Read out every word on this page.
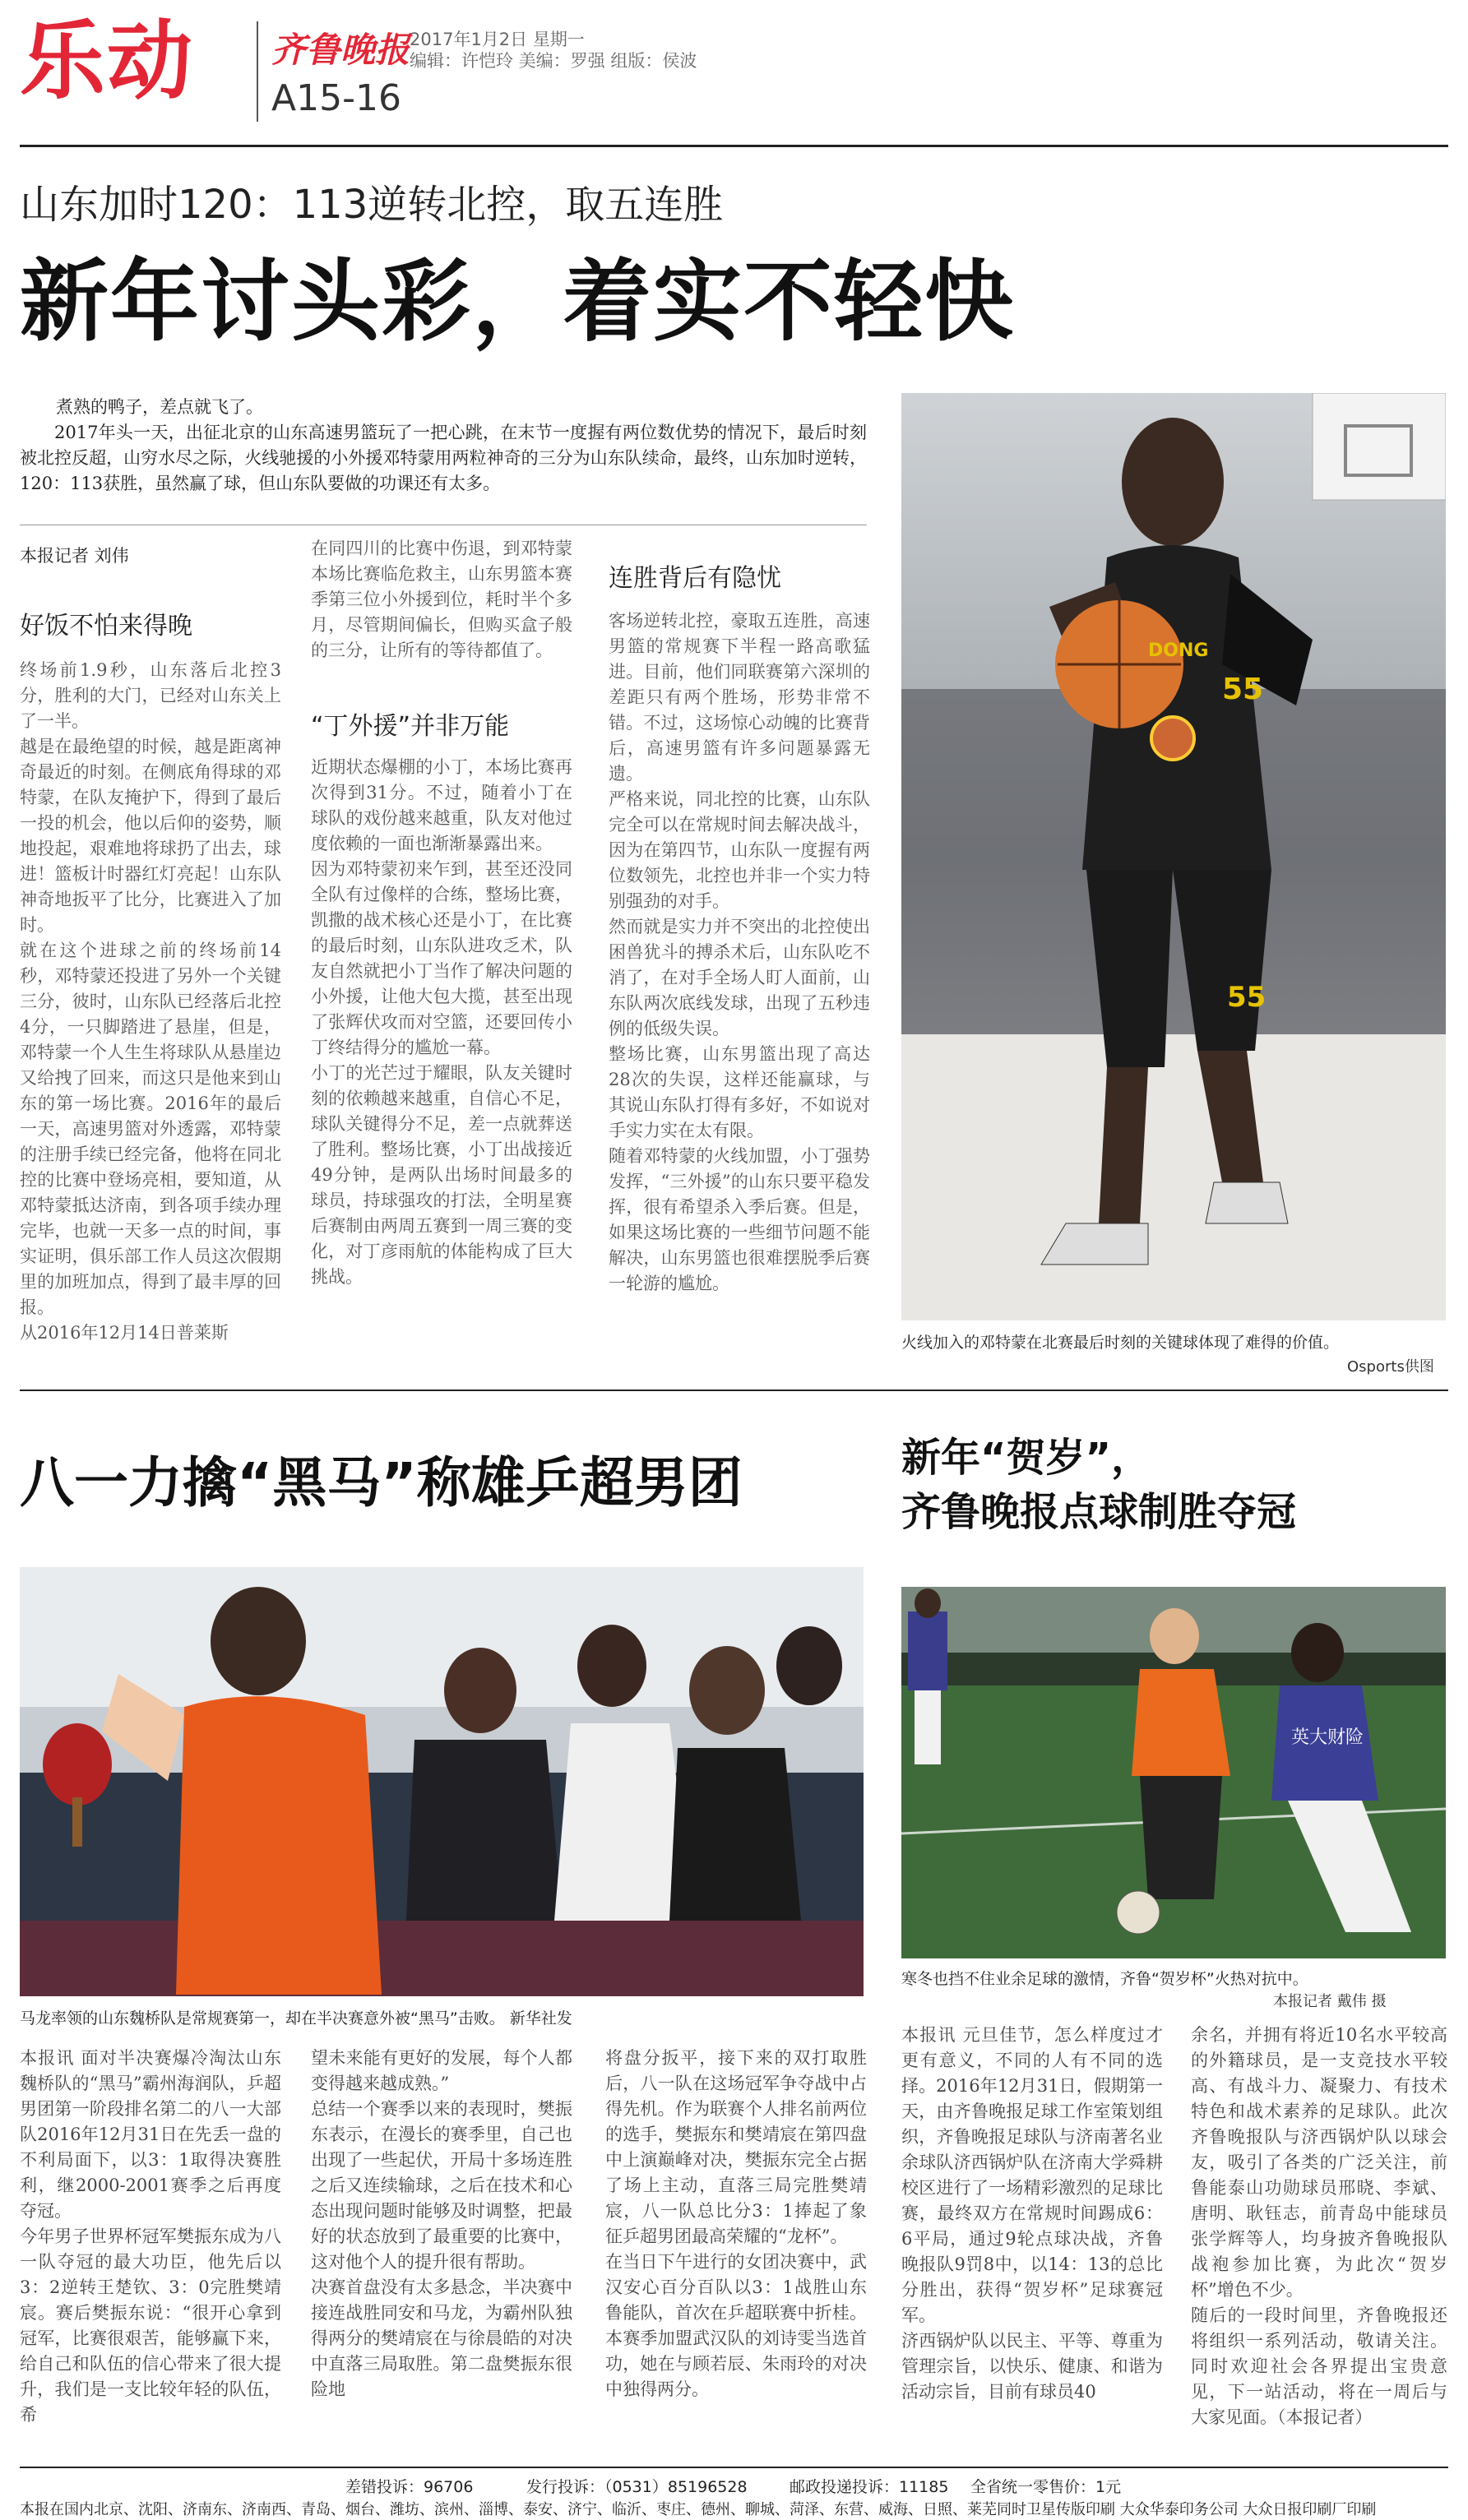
乐动 齐鲁晚报
A15-16
2017年1月2日 星期一
编辑：许恺玲 美编：罗强 组版：侯波
山东加时120：113逆转北控，取五连胜
新年讨头彩，着实不轻快
煮熟的鸭子，差点就飞了。
2017年头一天，出征北京的山东高速男篮玩了一把心跳，在末节一度握有两位数优势的情况下，最后时刻被北控反超，山穷水尽之际，火线驰援的小外援邓特蒙用两粒神奇的三分为山东队续命，最终，山东加时逆转，120：113获胜，虽然赢了球，但山东队要做的功课还有太多。
本报记者 刘伟
好饭不怕来得晚
终场前1.9秒，山东落后北控3分，胜利的大门，已经对山东关上了一半。
越是在最绝望的时候，越是距离神奇最近的时刻。在侧底角得球的邓特蒙，在队友掩护下，得到了最后一投的机会，他以后仰的姿势，顺地投起，艰难地将球扔了出去，球进！篮板计时器红灯亮起！山东队神奇地扳平了比分，比赛进入了加时。
就在这个进球之前的终场前14秒，邓特蒙还投进了另外一个关键三分，彼时，山东队已经落后北控4分，一只脚踏进了悬崖，但是，邓特蒙一个人生生将球队从悬崖边又给拽了回来，而这只是他来到山东的第一场比赛。2016年的最后一天，高速男篮对外透露，邓特蒙的注册手续已经完备，他将在同北控的比赛中登场亮相，要知道，从邓特蒙抵达济南，到各项手续办理完毕，也就一天多一点的时间，事实证明，俱乐部工作人员这次假期里的加班加点，得到了最丰厚的回报。
从2016年12月14日普莱斯
在同四川的比赛中伤退，到邓特蒙本场比赛临危救主，山东男篮本赛季第三位小外援到位，耗时半个多月，尽管期间偏长，但购买盒子般的三分，让所有的等待都值了。
“丁外援”并非万能
近期状态爆棚的小丁，本场比赛再次得到31分。不过，随着小丁在球队的戏份越来越重，队友对他过度依赖的一面也渐渐暴露出来。
因为邓特蒙初来乍到，甚至还没同全队有过像样的合练，整场比赛，凯撒的战术核心还是小丁，在比赛的最后时刻，山东队进攻乏术，队友自然就把小丁当作了解决问题的小外援，让他大包大揽，甚至出现了张辉伏攻而对空篮，还要回传小丁终结得分的尴尬一幕。
小丁的光芒过于耀眼，队友关键时刻的依赖越来越重，自信心不足，球队关键得分不足，差一点就葬送了胜利。整场比赛，小丁出战接近49分钟，是两队出场时间最多的球员，持球强攻的打法，全明星赛后赛制由两周五赛到一周三赛的变化，对丁彦雨航的体能构成了巨大挑战。
连胜背后有隐忧
客场逆转北控，豪取五连胜，高速男篮的常规赛下半程一路高歌猛进。目前，他们同联赛第六深圳的差距只有两个胜场，形势非常不错。不过，这场惊心动魄的比赛背后，高速男篮有许多问题暴露无遗。
严格来说，同北控的比赛，山东队完全可以在常规时间去解决战斗，因为在第四节，山东队一度握有两位数领先，北控也并非一个实力特别强劲的对手。
然而就是实力并不突出的北控使出困兽犹斗的搏杀术后，山东队吃不消了，在对手全场人盯人面前，山东队两次底线发球，出现了五秒违例的低级失误。
整场比赛，山东男篮出现了高达28次的失误，这样还能赢球，与其说山东队打得有多好，不如说对手实力实在太有限。
随着邓特蒙的火线加盟，小丁强势发挥，“三外援”的山东只要平稳发挥，很有希望杀入季后赛。但是，如果这场比赛的一些细节问题不能解决，山东男篮也很难摆脱季后赛一轮游的尴尬。
55
55
DONG
火线加入的邓特蒙在北赛最后时刻的关键球体现了难得的价值。
Osports供图
八一力擒“黑马”称雄乒超男团
马龙率领的山东魏桥队是常规赛第一，却在半决赛意外被“黑马”击败。 新华社发
本报讯 面对半决赛爆冷淘汰山东魏桥队的“黑马”霸州海润队，乒超男团第一阶段排名第二的八一大部队2016年12月31日在先丢一盘的不利局面下，以3：1取得决赛胜利，继2000-2001赛季之后再度夺冠。
今年男子世界杯冠军樊振东成为八一队夺冠的最大功臣，他先后以3：2逆转王楚钦、3：0完胜樊靖宸。赛后樊振东说：“很开心拿到冠军，比赛很艰苦，能够赢下来，给自己和队伍的信心带来了很大提升，我们是一支比较年轻的队伍，希
望未来能有更好的发展，每个人都变得越来越成熟。”
总结一个赛季以来的表现时，樊振东表示，在漫长的赛季里，自己也出现了一些起伏，开局十多场连胜之后又连续输球，之后在技术和心态出现问题时能够及时调整，把最好的状态放到了最重要的比赛中，这对他个人的提升很有帮助。
决赛首盘没有太多悬念，半决赛中接连战胜同安和马龙，为霸州队独得两分的樊靖宸在与徐晨皓的对决中直落三局取胜。第二盘樊振东很险地
将盘分扳平，接下来的双打取胜后，八一队在这场冠军争夺战中占得先机。作为联赛个人排名前两位的选手，樊振东和樊靖宸在第四盘中上演巅峰对决，樊振东完全占据了场上主动，直落三局完胜樊靖宸，八一队总比分3：1捧起了象征乒超男团最高荣耀的“龙杯”。
在当日下午进行的女团决赛中，武汉安心百分百队以3：1战胜山东鲁能队，首次在乒超联赛中折桂。本赛季加盟武汉队的刘诗雯当选首功，她在与顾若辰、朱雨玲的对决中独得两分。
新年“贺岁”，
齐鲁晚报点球制胜夺冠
英大财险
寒冬也挡不住业余足球的激情，齐鲁“贺岁杯”火热对抗中。
本报记者 戴伟 摄
本报讯 元旦佳节，怎么样度过才更有意义，不同的人有不同的选择。2016年12月31日，假期第一天，由齐鲁晚报足球工作室策划组织，齐鲁晚报足球队与济南著名业余球队济西锅炉队在济南大学舜耕校区进行了一场精彩激烈的足球比赛，最终双方在常规时间踢成6：6平局，通过9轮点球决战，齐鲁晚报队9罚8中，以14：13的总比分胜出，获得“贺岁杯”足球赛冠军。
济西锅炉队以民主、平等、尊重为管理宗旨，以快乐、健康、和谐为活动宗旨，目前有球员40
余名，并拥有将近10名水平较高的外籍球员，是一支竞技水平较高、有战斗力、凝聚力、有技术特色和战术素养的足球队。此次齐鲁晚报队与济西锅炉队以球会友，吸引了各类的广泛关注，前鲁能泰山功勋球员邢晓、李斌、唐明、耿钰志，前青岛中能球员张学辉等人，均身披齐鲁晚报队战袍参加比赛，为此次“贺岁杯”增色不少。
随后的一段时间里，齐鲁晚报还将组织一系列活动，敬请关注。同时欢迎社会各界提出宝贵意见，下一站活动，将在一周后与大家见面。（本报记者）
差错投诉：96706	发行投诉：（0531）85196528	邮政投递投诉：11185 全省统一零售价：1元
本报在国内北京、沈阳、济南东、济南西、青岛、烟台、潍坊、滨州、淄博、泰安、济宁、临沂、枣庄、德州、聊城、菏泽、东营、威海、日照、莱芜同时卫星传版印刷 大众华泰印务公司 大众日报印刷厂印刷
